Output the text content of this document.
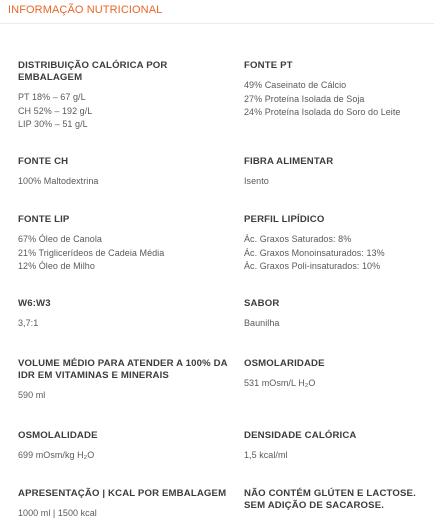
INFORMAÇÃO NUTRICIONAL
DISTRIBUIÇÃO CALÓRICA POR EMBALAGEM
PT 18% – 67 g/L
CH 52% – 192 g/L
LIP 30% – 51 g/L
FONTE PT
49% Caseinato de Cálcio
27% Proteína Isolada de Soja
24% Proteína Isolada do Soro do Leite
FONTE CH
100% Maltodextrina
FIBRA ALIMENTAR
Isento
FONTE LIP
67% Óleo de Canola
21% Triglicerídeos de Cadeia Média
12% Óleo de Milho
PERFIL LIPÍDICO
Ác. Graxos Saturados: 8%
Ác. Graxos Monoinsaturados: 13%
Ác. Graxos Poli-insaturados: 10%
W6:W3
3,7:1
SABOR
Baunilha
VOLUME MÉDIO PARA ATENDER A 100% DA IDR EM VITAMINAS E MINERAIS
590 ml
OSMOLARIDADE
531 mOsm/L H₂O
OSMOLALIDADE
699 mOsm/kg H₂O
DENSIDADE CALÓRICA
1,5 kcal/ml
APRESENTAÇÃO | KCAL POR EMBALAGEM
1000 ml | 1500 kcal
NÃO CONTÉM GLÚTEN E LACTOSE. SEM ADIÇÃO DE SACAROSE.
